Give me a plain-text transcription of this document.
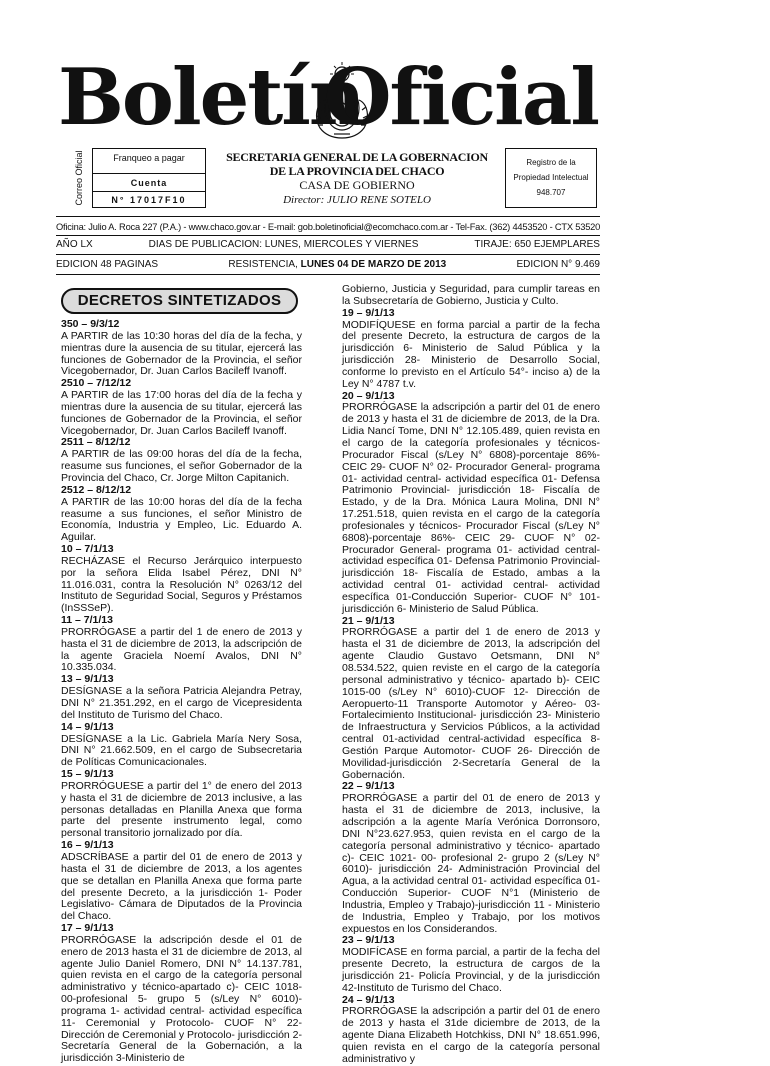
Boletín
Oficial
Correo Oficial	Franqueo a pagar
Cuenta
N° 17017F10
SECRETARIA GENERAL DE LA GOBERNACION
DE LA PROVINCIA DEL CHACO
CASA DE GOBIERNO
Director: JULIO RENE SOTELO
Registro de la
Propiedad Intelectual
948.707
Oficina: Julio A. Roca 227 (P.A.) - www.chaco.gov.ar - E-mail: gob.boletinoficial@ecomchaco.com.ar - Tel-Fax. (362) 4453520 - CTX 53520
AÑO LX	DIAS DE PUBLICACION: LUNES, MIERCOLES Y VIERNES	TIRAJE: 650 EJEMPLARES
EDICION 48 PAGINAS	RESISTENCIA, LUNES 04 DE MARZO DE 2013	EDICION N° 9.469
DECRETOS SINTETIZADOS
350 – 9/3/12
A PARTIR de las 10:30 horas del día de la fecha, y mientras dure la ausencia de su titular, ejercerá las funciones de Gobernador de la Provincia, el señor Vicegobernador, Dr. Juan Carlos Bacileff Ivanoff.
2510 – 7/12/12
A PARTIR de las 17:00 horas del día de la fecha y mientras dure la ausencia de su titular, ejercerá las funciones de Gobernador de la Provincia, el señor Vicegobernador, Dr. Juan Carlos Bacileff Ivanoff.
2511 – 8/12/12
A PARTIR de las 09:00 horas del día de la fecha, reasume sus funciones, el señor Gobernador de la Provincia del Chaco, Cr. Jorge Milton Capitanich.
2512 – 8/12/12
A PARTIR de las 10:00 horas del día de la fecha reasume a sus funciones, el señor Ministro de Economía, Industria y Empleo, Lic. Eduardo A. Aguilar.
10 – 7/1/13
RECHÁZASE el Recurso Jerárquico interpuesto por la señora Elida Isabel Pérez, DNI N° 11.016.031, contra la Resolución N° 0263/12 del Instituto de Seguridad Social, Seguros y Préstamos (InSSSeP).
11 – 7/1/13
PRORRÓGASE a partir del 1 de enero de 2013 y hasta el 31 de diciembre de 2013, la adscripción de la agente Graciela Noemí Avalos, DNI N° 10.335.034.
13 – 9/1/13
DESÍGNASE a la señora Patricia Alejandra Petray, DNI N° 21.351.292, en el cargo de Vicepresidenta del Instituto de Turismo del Chaco.
14 – 9/1/13
DESÍGNASE a la Lic. Gabriela María Nery Sosa, DNI N° 21.662.509, en el cargo de Subsecretaria de Políticas Comunicacionales.
15 – 9/1/13
PRORRÓGUESE a partir del 1° de enero del 2013 y hasta el 31 de diciembre de 2013 inclusive, a las personas detalladas en Planilla Anexa que forma parte del presente instrumento legal, como personal transitorio jornalizado por día.
16 – 9/1/13
ADSCRÍBASE a partir del 01 de enero de 2013 y hasta el 31 de diciembre de 2013, a los agentes que se detallan en Planilla Anexa que forma parte del presente Decreto, a la jurisdicción 1- Poder Legislativo- Cámara de Diputados de la Provincia del Chaco.
17 – 9/1/13
PRORRÓGASE la adscripción desde el 01 de enero de 2013 hasta el 31 de diciembre de 2013, al agente Julio Daniel Romero, DNI N° 14.137.781, quien revista en el cargo de la categoría personal administrativo y técnico-apartado c)- CEIC 1018- 00-profesional 5- grupo 5 (s/Ley N° 6010)- programa 1- actividad central- actividad específica 11- Ceremonial y Protocolo- CUOF N° 22- Dirección de Ceremonial y Protocolo- jurisdicción 2- Secretaría General de la Gobernación, a la jurisdicción 3-Ministerio de
Gobierno, Justicia y Seguridad, para cumplir tareas en la Subsecretaría de Gobierno, Justicia y Culto.
19 – 9/1/13
MODIFÍQUESE en forma parcial a partir de la fecha del presente Decreto, la estructura de cargos de la jurisdicción 6- Ministerio de Salud Pública y la jurisdicción 28- Ministerio de Desarrollo Social, conforme lo previsto en el Artículo 54°- inciso a) de la Ley N° 4787 t.v.
20 – 9/1/13
PRORRÓGASE la adscripción a partir del 01 de enero de 2013 y hasta el 31 de diciembre de 2013, de la Dra. Lidia Nancí Tome, DNI N° 12.105.489, quien revista en el cargo de la categoría profesionales y técnicos- Procurador Fiscal (s/Ley N° 6808)-porcentaje 86%- CEIC 29- CUOF N° 02- Procurador General- programa 01- actividad central- actividad específica 01- Defensa Patrimonio Provincial- jurisdicción 18- Fiscalía de Estado, y de la Dra. Mónica Laura Molina, DNI N° 17.251.518, quien revista en el cargo de la categoría profesionales y técnicos- Procurador Fiscal (s/Ley N° 6808)-porcentaje 86%- CEIC 29- CUOF N° 02- Procurador General- programa 01- actividad central- actividad específica 01- Defensa Patrimonio Provincial- jurisdicción 18- Fiscalía de Estado, ambas a la actividad central 01- actividad central- actividad específica 01-Conducción Superior- CUOF N° 101- jurisdicción 6- Ministerio de Salud Pública.
21 – 9/1/13
PRORRÓGASE a partir del 1 de enero de 2013 y hasta el 31 de diciembre de 2013, la adscripción del agente Claudio Gustavo Oetsmann, DNI N° 08.534.522, quien reviste en el cargo de la categoría personal administrativo y técnico- apartado b)- CEIC 1015-00 (s/Ley N° 6010)-CUOF 12- Dirección de Aeropuerto-11 Transporte Automotor y Aéreo- 03- Fortalecimiento Institucional- jurisdicción 23- Ministerio de Infraestructura y Servicios Públicos, a la actividad central 01-actividad central-actividad específica 8- Gestión Parque Automotor- CUOF 26- Dirección de Movilidad-jurisdicción 2-Secretaría General de la Gobernación.
22 – 9/1/13
PRORRÓGASE a partir del 01 de enero de 2013 y hasta el 31 de diciembre de 2013, inclusive, la adscripción a la agente María Verónica Dorronsoro, DNI N°23.627.953, quien revista en el cargo de la categoría personal administrativo y técnico- apartado c)- CEIC 1021- 00- profesional 2- grupo 2 (s/Ley N° 6010)- jurisdicción 24- Administración Provincial del Agua, a la actividad central 01- actividad específica 01- Conducción Superior- CUOF N°1 (Ministerio de Industria, Empleo y Trabajo)-jurisdicción 11 - Ministerio de Industria, Empleo y Trabajo, por los motivos expuestos en los Considerandos.
23 – 9/1/13
MODIFÍCASE en forma parcial, a partir de la fecha del presente Decreto, la estructura de cargos de la jurisdicción 21- Policía Provincial, y de la jurisdicción 42-Instituto de Turismo del Chaco.
24 – 9/1/13
PRORRÓGASE la adscripción a partir del 01 de enero de 2013 y hasta el 31de diciembre de 2013, de la agente Diana Elizabeth Hotchkiss, DNI N° 18.651.996, quien revista en el cargo de la categoría personal administrativo y
